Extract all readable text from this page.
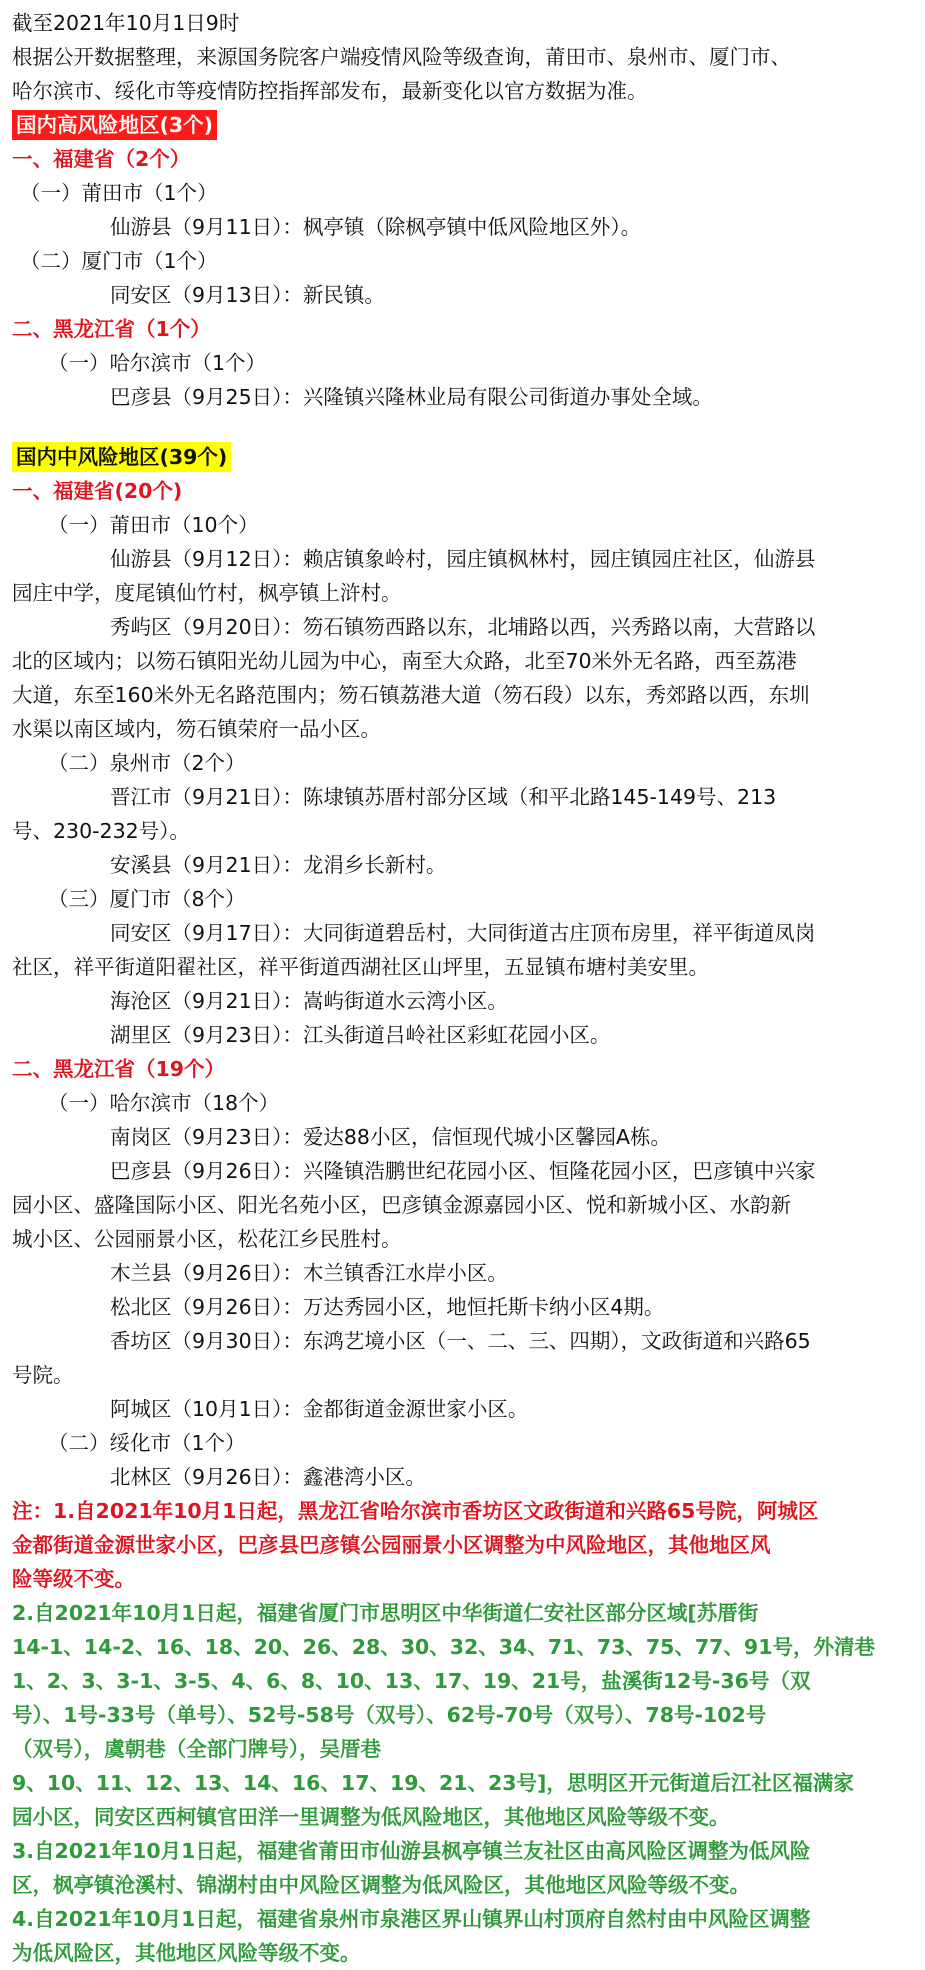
截至2021年10月1日9时
根据公开数据整理，来源国务院客户端疫情风险等级查询，莆田市、泉州市、厦门市、
哈尔滨市、绥化市等疫情防控指挥部发布，最新变化以官方数据为准。
国内高风险地区(3个)
一、福建省（2个）
（一）莆田市（1个）
仙游县（9月11日）：枫亭镇（除枫亭镇中低风险地区外）。
（二）厦门市（1个）
同安区（9月13日）：新民镇。
二、黑龙江省（1个）
（一）哈尔滨市（1个）
巴彦县（9月25日）：兴隆镇兴隆林业局有限公司街道办事处全域。
国内中风险地区(39个)
一、福建省(20个)
（一）莆田市（10个）
仙游县（9月12日）：赖店镇象岭村，园庄镇枫林村，园庄镇园庄社区，仙游县
园庄中学，度尾镇仙竹村，枫亭镇上浒村。
秀屿区（9月20日）：笏石镇笏西路以东，北埔路以西，兴秀路以南，大营路以
北的区域内；以笏石镇阳光幼儿园为中心，南至大众路，北至70米外无名路，西至荔港
大道，东至160米外无名路范围内；笏石镇荔港大道（笏石段）以东，秀郊路以西，东圳
水渠以南区域内，笏石镇荣府一品小区。
（二）泉州市（2个）
晋江市（9月21日）：陈埭镇苏厝村部分区域（和平北路145-149号、213
号、230-232号）。
安溪县（9月21日）：龙涓乡长新村。
（三）厦门市（8个）
同安区（9月17日）：大同街道碧岳村，大同街道古庄顶布房里，祥平街道凤岗
社区，祥平街道阳翟社区，祥平街道西湖社区山坪里，五显镇布塘村美安里。
海沧区（9月21日）：嵩屿街道水云湾小区。
湖里区（9月23日）：江头街道吕岭社区彩虹花园小区。
二、黑龙江省（19个）
（一）哈尔滨市（18个）
南岗区（9月23日）：爱达88小区，信恒现代城小区馨园A栋。
巴彦县（9月26日）：兴隆镇浩鹏世纪花园小区、恒隆花园小区，巴彦镇中兴家
园小区、盛隆国际小区、阳光名苑小区，巴彦镇金源嘉园小区、悦和新城小区、水韵新
城小区、公园丽景小区，松花江乡民胜村。
木兰县（9月26日）：木兰镇香江水岸小区。
松北区（9月26日）：万达秀园小区，地恒托斯卡纳小区4期。
香坊区（9月30日）：东鸿艺境小区（一、二、三、四期），文政街道和兴路65
号院。
阿城区（10月1日）：金都街道金源世家小区。
（二）绥化市（1个）
北林区（9月26日）：鑫港湾小区。
注：1.自2021年10月1日起，黑龙江省哈尔滨市香坊区文政街道和兴路65号院，阿城区
金都街道金源世家小区，巴彦县巴彦镇公园丽景小区调整为中风险地区，其他地区风
险等级不变。
2.自2021年10月1日起，福建省厦门市思明区中华街道仁安社区部分区域[苏厝街
14-1、14-2、16、18、20、26、28、30、32、34、71、73、75、77、91号，外清巷
1、2、3、3-1、3-5、4、6、8、10、13、17、19、21号，盐溪街12号-36号（双
号）、1号-33号（单号）、52号-58号（双号）、62号-70号（双号）、78号-102号
（双号），虞朝巷（全部门牌号），吴厝巷
9、10、11、12、13、14、16、17、19、21、23号]，思明区开元街道后江社区福满家
园小区，同安区西柯镇官田洋一里调整为低风险地区，其他地区风险等级不变。
3.自2021年10月1日起，福建省莆田市仙游县枫亭镇兰友社区由高风险区调整为低风险
区，枫亭镇沧溪村、锦湖村由中风险区调整为低风险区，其他地区风险等级不变。
4.自2021年10月1日起，福建省泉州市泉港区界山镇界山村顶府自然村由中风险区调整
为低风险区，其他地区风险等级不变。
